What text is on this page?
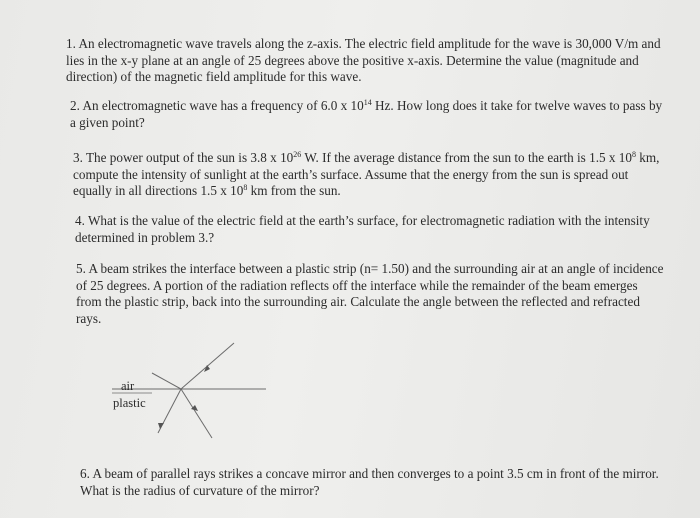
1. An electromagnetic wave travels along the z-axis. The electric field amplitude for the wave is 30,000 V/m and lies in the x-y plane at an angle of 25 degrees above the positive x-axis. Determine the value (magnitude and direction) of the magnetic field amplitude for this wave.

2. An electromagnetic wave has a frequency of 6.0 x $10^{14}$ Hz. How long does it take for twelve waves to pass by a given point?

3. The power output of the sun is 3.8 x $10^{26}$ W. If the average distance from the sun to the earth is 1.5 x $10^8$ km, compute the intensity of sunlight at the earth’s surface. Assume that the energy from the sun is spread out equally in all directions 1.5 x $10^8$ km from the sun.

4. What is the value of the electric field at the earth’s surface, for electromagnetic radiation with the intensity determined in problem 3.?

5. A beam strikes the interface between a plastic strip (n= 1.50) and the surrounding air at an angle of incidence of 25 degrees. A portion of the radiation reflects off the interface while the remainder of the beam emerges from the plastic strip, back into the surrounding air. Calculate the angle between the reflected and refracted rays.

air
plastic

6. A beam of parallel rays strikes a concave mirror and then converges to a point 3.5 cm in front of the mirror. What is the radius of curvature of the mirror?
